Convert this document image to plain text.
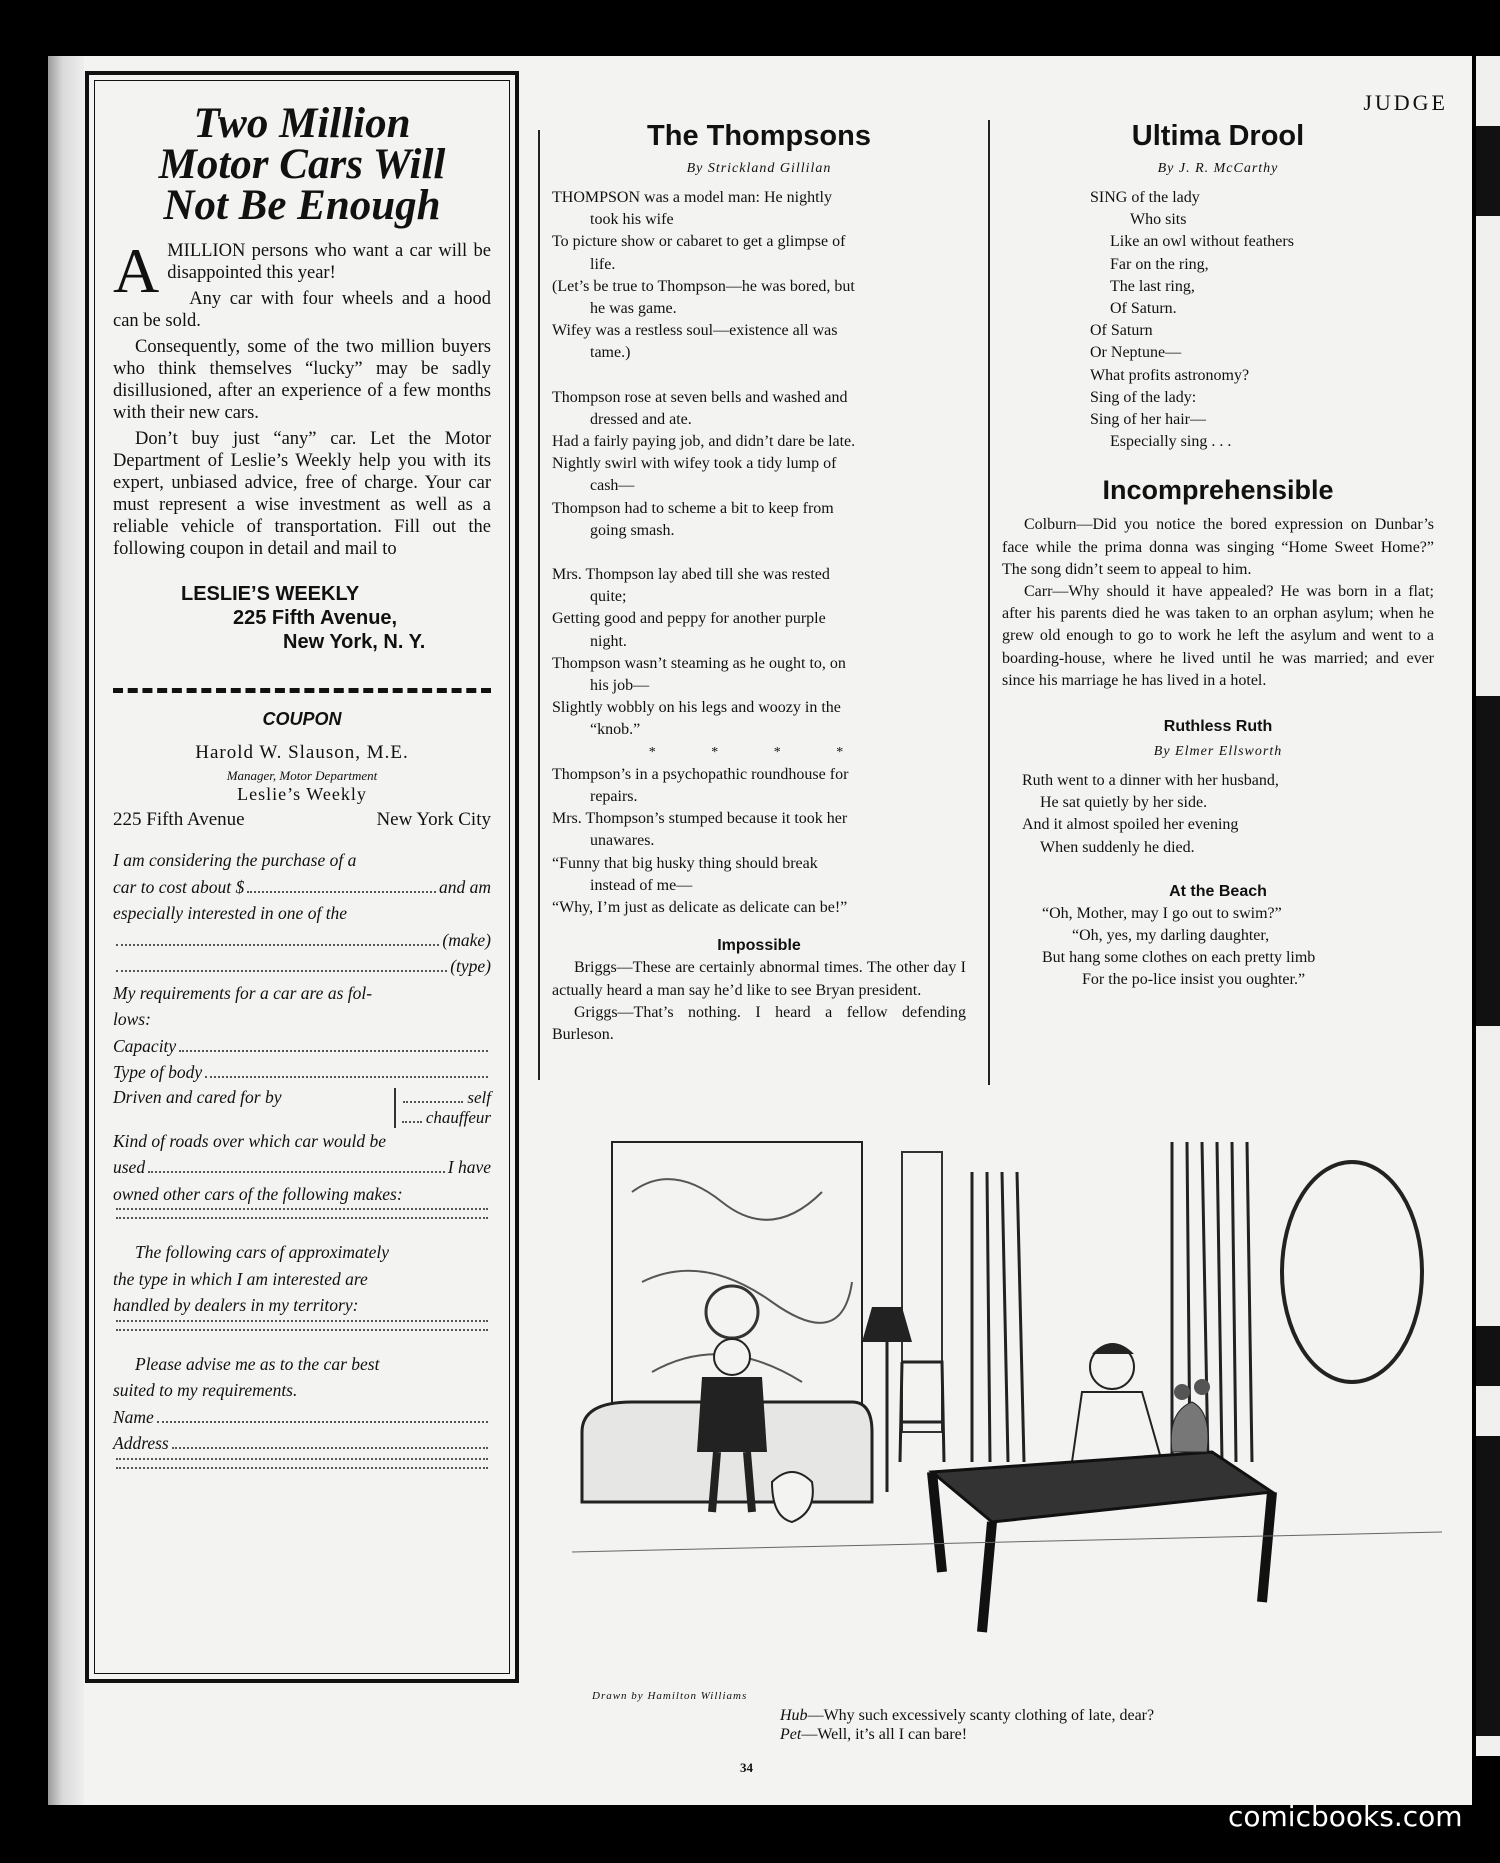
JUDGE
Two Million
Motor Cars Will
Not Be Enough

AMILLION persons who want a car will be disappointed this year!

Any car with four wheels and a hood can be sold.

Consequently, some of the two million buyers who think themselves “lucky” may be sadly disillusioned, after an experience of a few months with their new cars.

Don’t buy just “any” car. Let the Motor Department of Leslie’s Weekly help you with its expert, unbiased advice, free of charge. Your car must represent a wise investment as well as a reliable vehicle of transportation. Fill out the following coupon in detail and mail to

LESLIE’S WEEKLY
225 Fifth Avenue,
New York, N. Y.
COUPON
Harold W. Slauson, M.E.
Manager, Motor Department
Leslie’s Weekly
225 Fifth Avenue	New York City
I am considering the purchase of a
car to cost about $	and am
especially interested in one of the
(make)
(type)
My requirements for a car are as fol-
lows:
Capacity
Type of body
Driven and cared for by	self
chauffeur
Kind of roads over which car would be
used	I have
owned other cars of the following makes:
The following cars of approximately
the type in which I am interested are
handled by dealers in my territory:
Please advise me as to the car best
suited to my requirements.
Name
Address
The Thompsons
By Strickland Gillilan
THOMPSON was a model man: He nightly
took his wife
To picture show or cabaret to get a glimpse of
life.
(Let’s be true to Thompson—he was bored, but
he was game.
Wifey was a restless soul—existence all was
tame.)
Thompson rose at seven bells and washed and
dressed and ate.
Had a fairly paying job, and didn’t dare be late.
Nightly swirl with wifey took a tidy lump of
cash—
Thompson had to scheme a bit to keep from
going smash.
Mrs. Thompson lay abed till she was rested
quite;
Getting good and peppy for another purple
night.
Thompson wasn’t steaming as he ought to, on
his job—
Slightly wobbly on his legs and woozy in the
“knob.”
* * * *
Thompson’s in a psychopathic roundhouse for
repairs.
Mrs. Thompson’s stumped because it took her
unawares.
“Funny that big husky thing should break
instead of me—
“Why, I’m just as delicate as delicate can be!”
Impossible

Briggs—These are certainly abnormal times. The other day I actually heard a man say he’d like to see Bryan president.

Griggs—That’s nothing. I heard a fellow defending Burleson.

Ultima Drool
By J. R. McCarthy
SING of the lady
Who sits
Like an owl without feathers
Far on the ring,
The last ring,
Of Saturn.
Of Saturn
Or Neptune—
What profits astronomy?
Sing of the lady:
Sing of her hair—
Especially sing . . .
Incomprehensible

Colburn—Did you notice the bored expression on Dunbar’s face while the prima donna was singing “Home Sweet Home?” The song didn’t seem to appeal to him.

Carr—Why should it have appealed? He was born in a flat; after his parents died he was taken to an orphan asylum; when he grew old enough to go to work he left the asylum and went to a boarding-house, where he lived until he was married; and ever since his marriage he has lived in a hotel.

Ruthless Ruth
By Elmer Ellsworth
Ruth went to a dinner with her husband,
He sat quietly by her side.
And it almost spoiled her evening
When suddenly he died.
At the Beach
“Oh, Mother, may I go out to swim?”
“Oh, yes, my darling daughter,
But hang some clothes on each pretty limb
For the po-lice insist you oughter.”
Drawn by Hamilton Williams
Hub—Why such excessively scanty clothing of late, dear?
Pet—Well, it’s all I can bare!
34
comicbooks.com
